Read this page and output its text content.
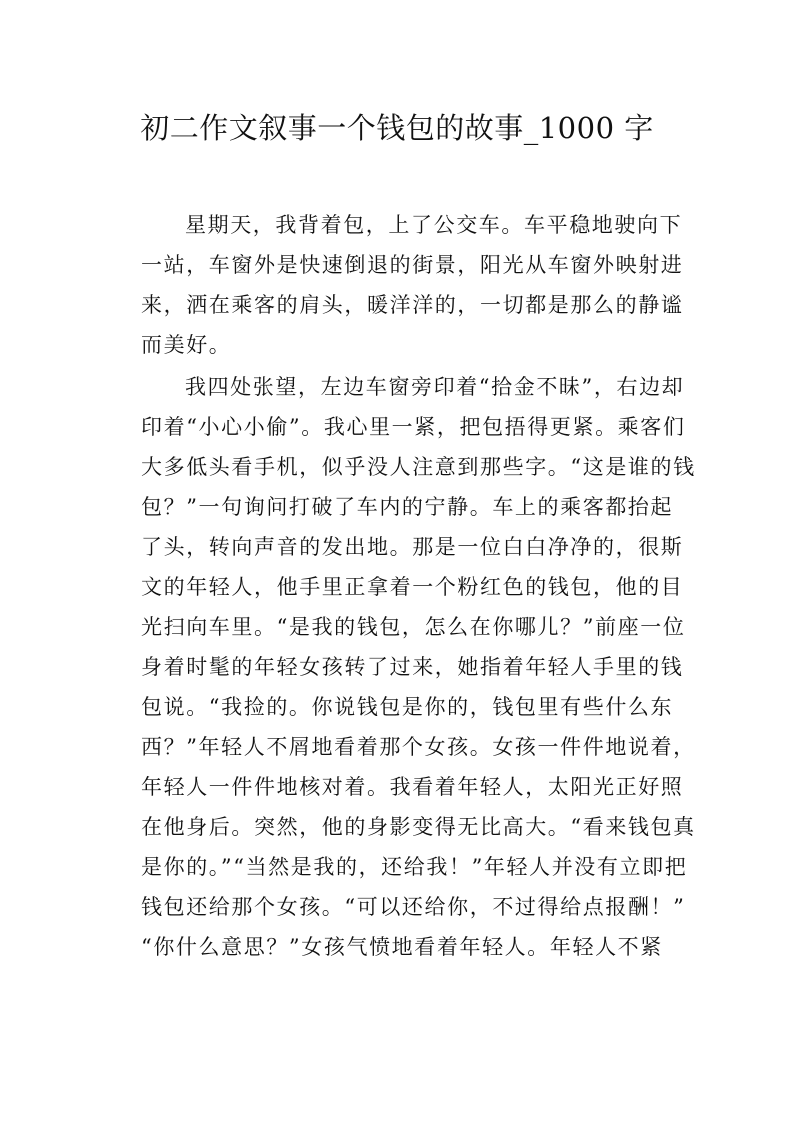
初二作文叙事一个钱包的故事_1000 字
星期天，我背着包，上了公交车。车平稳地驶向下
一站，车窗外是快速倒退的街景，阳光从车窗外映射进
来，洒在乘客的肩头，暖洋洋的，一切都是那么的静谧
而美好。
我四处张望，左边车窗旁印着“拾金不昧”，右边却
印着“小心小偷”。我心里一紧，把包捂得更紧。乘客们
大多低头看手机，似乎没人注意到那些字。“这是谁的钱
包？”一句询问打破了车内的宁静。车上的乘客都抬起
了头，转向声音的发出地。那是一位白白净净的，很斯
文的年轻人，他手里正拿着一个粉红色的钱包，他的目
光扫向车里。“是我的钱包，怎么在你哪儿？”前座一位
身着时髦的年轻女孩转了过来，她指着年轻人手里的钱
包说。“我捡的。你说钱包是你的，钱包里有些什么东
西？”年轻人不屑地看着那个女孩。女孩一件件地说着，
年轻人一件件地核对着。我看着年轻人，太阳光正好照
在他身后。突然，他的身影变得无比高大。“看来钱包真
是你的。”“当然是我的，还给我！”年轻人并没有立即把
钱包还给那个女孩。“可以还给你，不过得给点报酬！”
“你什么意思？”女孩气愤地看着年轻人。年轻人不紧
